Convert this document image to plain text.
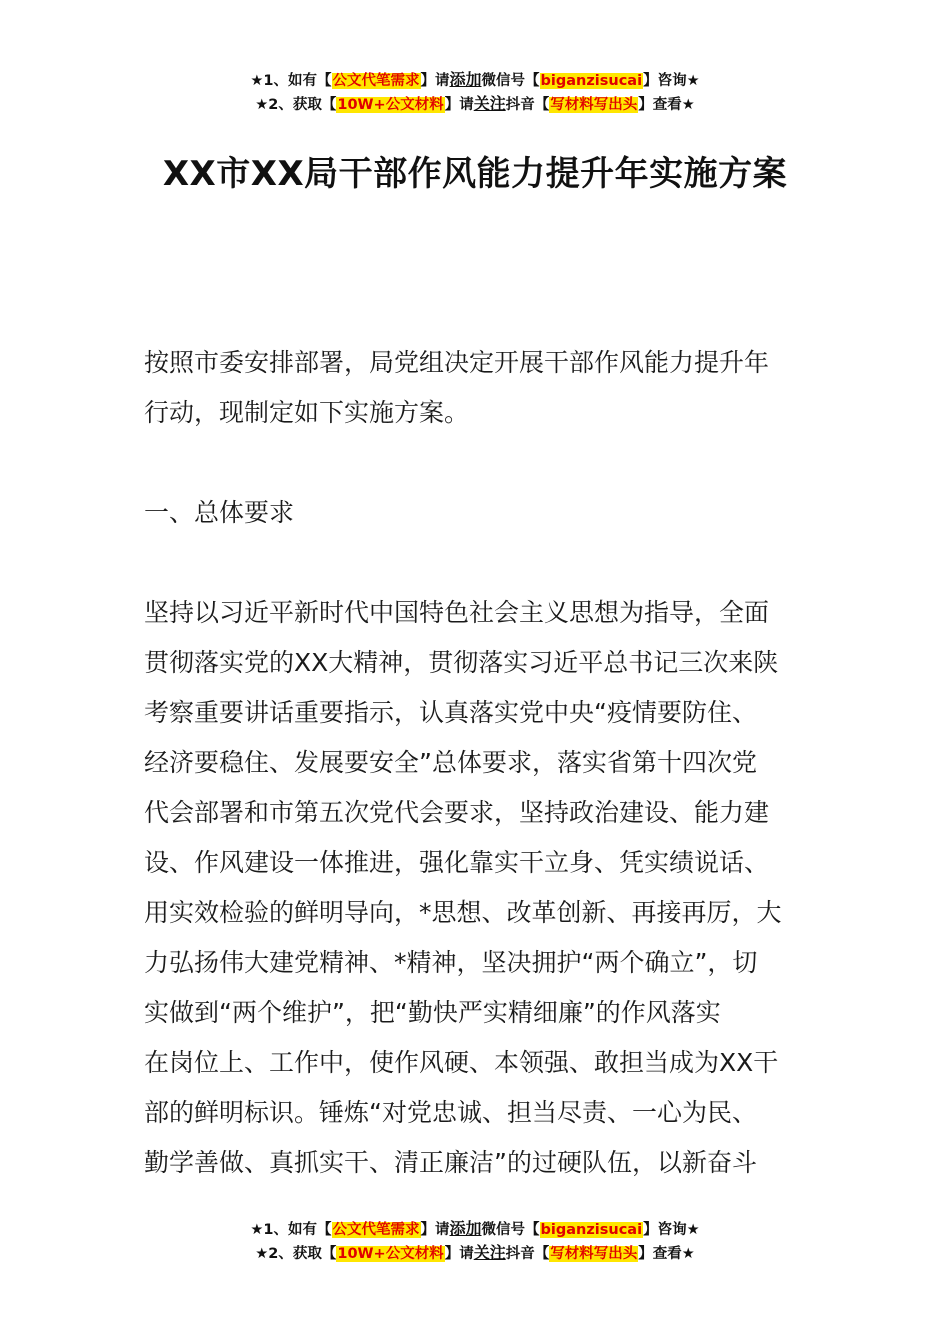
★1、如有【公文代笔需求】请添加微信号【biganzisucai】咨询★
★2、获取【10W+公文材料】请关注抖音【写材料写出头】查看★
XX市XX局干部作风能力提升年实施方案
按照市委安排部署，局党组决定开展干部作风能力提升年
行动，现制定如下实施方案。
一、总体要求
坚持以习近平新时代中国特色社会主义思想为指导，全面
贯彻落实党的XX大精神，贯彻落实习近平总书记三次来陕
考察重要讲话重要指示，认真落实党中央“疫情要防住、
经济要稳住、发展要安全”总体要求，落实省第十四次党
代会部署和市第五次党代会要求，坚持政治建设、能力建
设、作风建设一体推进，强化靠实干立身、凭实绩说话、
用实效检验的鲜明导向，*思想、改革创新、再接再厉，大
力弘扬伟大建党精神、*精神，坚决拥护“两个确立”，切
实做到“两个维护”，把“勤快严实精细廉”的作风落实
在岗位上、工作中，使作风硬、本领强、敢担当成为XX干
部的鲜明标识。锤炼“对党忠诚、担当尽责、一心为民、
勤学善做、真抓实干、清正廉洁”的过硬队伍，以新奋斗
★1、如有【公文代笔需求】请添加微信号【biganzisucai】咨询★
★2、获取【10W+公文材料】请关注抖音【写材料写出头】查看★
